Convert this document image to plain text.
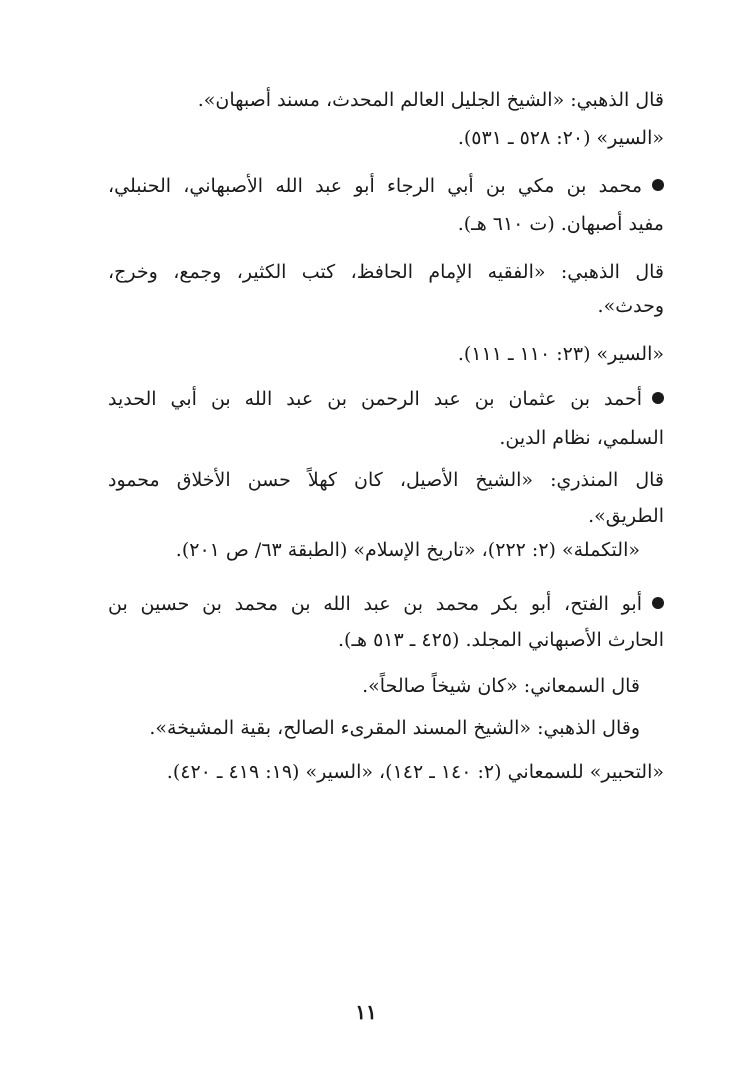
قال الذهبي: «الشيخ الجليل العالم المحدث، مسند أصبهان».
«السير» (٢٠: ٥٢٨ ـ ٥٣١).
محمد بن مكي بن أبي الرجاء أبو عبد الله الأصبهاني، الحنبلي،
مفيد أصبهان. (ت ٦١٠ هـ).
قال الذهبي: «الفقيه الإمام الحافظ، كتب الكثير، وجمع، وخرج،
وحدث».
«السير» (٢٣: ١١٠ ـ ١١١).
أحمد بن عثمان بن عبد الرحمن بن عبد الله بن أبي الحديد
السلمي، نظام الدين.
قال المنذري: «الشيخ الأصيل، كان كهلاً حسن الأخلاق محمود
الطريق».
«التكملة» (٢: ٢٢٢)، «تاريخ الإسلام» (الطبقة ٦٣/ ص ٢٠١).
أبو الفتح، أبو بكر محمد بن عبد الله بن محمد بن حسين بن
الحارث الأصبهاني المجلد. (٤٢٥ ـ ٥١٣ هـ).
قال السمعاني: «كان شيخاً صالحاً».
وقال الذهبي: «الشيخ المسند المقرىء الصالح، بقية المشيخة».
«التحبير» للسمعاني (٢: ١٤٠ ـ ١٤٢)، «السير» (١٩: ٤١٩ ـ ٤٢٠).
١١
